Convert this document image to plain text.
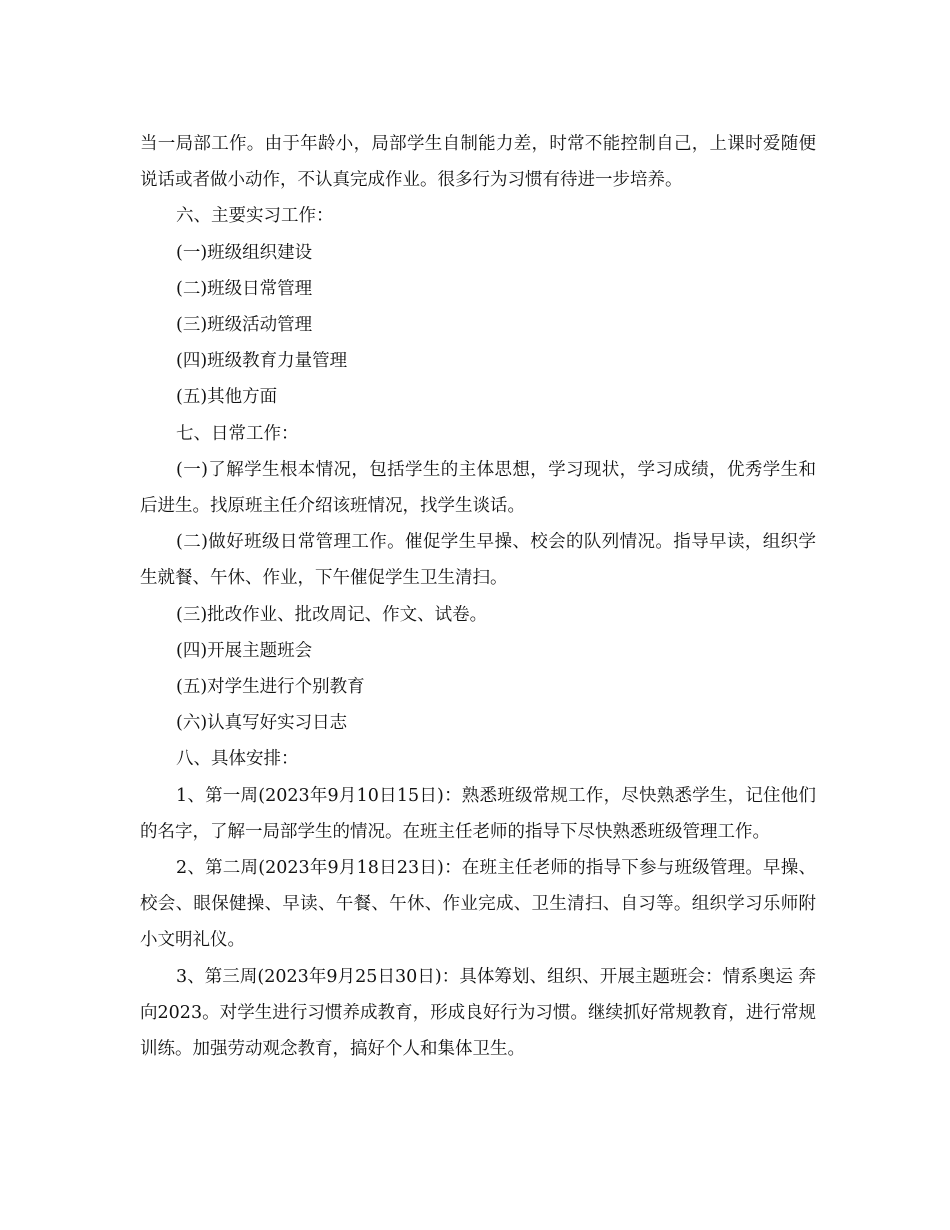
当一局部工作。由于年龄小，局部学生自制能力差，时常不能控制自己，上课时爱随便说话或者做小动作，不认真完成作业。很多行为习惯有待进一步培养。

六、主要实习工作：

(一)班级组织建设

(二)班级日常管理

(三)班级活动管理

(四)班级教育力量管理

(五)其他方面

七、日常工作：

(一)了解学生根本情况，包括学生的主体思想，学习现状，学习成绩，优秀学生和后进生。找原班主任介绍该班情况，找学生谈话。

(二)做好班级日常管理工作。催促学生早操、校会的队列情况。指导早读，组织学生就餐、午休、作业，下午催促学生卫生清扫。

(三)批改作业、批改周记、作文、试卷。

(四)开展主题班会

(五)对学生进行个别教育

(六)认真写好实习日志

八、具体安排：

1、第一周(2023年9月10日15日)：熟悉班级常规工作，尽快熟悉学生，记住他们的名字，了解一局部学生的情况。在班主任老师的指导下尽快熟悉班级管理工作。

2、第二周(2023年9月18日23日)：在班主任老师的指导下参与班级管理。早操、校会、眼保健操、早读、午餐、午休、作业完成、卫生清扫、自习等。组织学习乐师附小文明礼仪。

3、第三周(2023年9月25日30日)：具体筹划、组织、开展主题班会：情系奥运 奔向2023。对学生进行习惯养成教育，形成良好行为习惯。继续抓好常规教育，进行常规训练。加强劳动观念教育，搞好个人和集体卫生。
